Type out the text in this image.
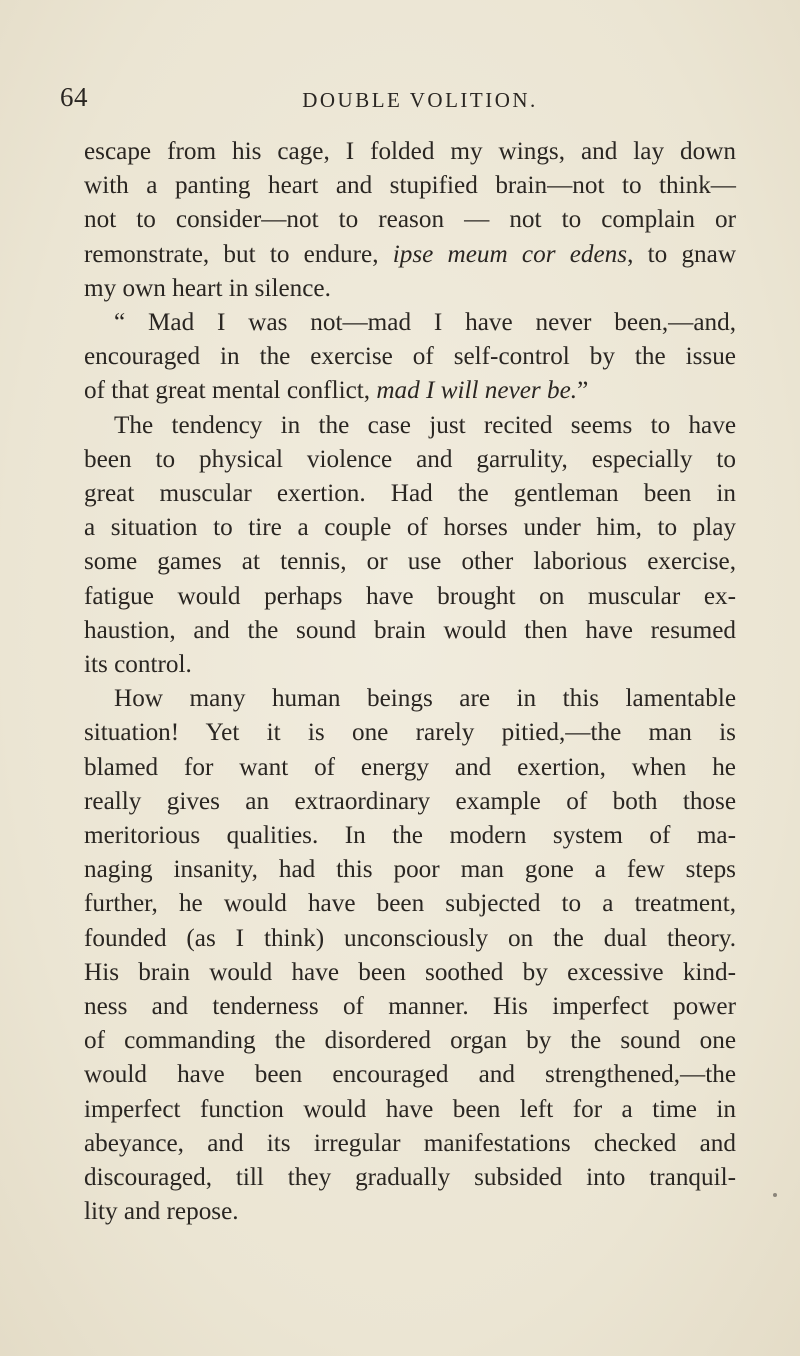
64	DOUBLE VOLITION.
escape from his cage, I folded my wings, and lay down
with a panting heart and stupified brain—not to think—
not to consider—not to reason — not to complain or
remonstrate, but to endure, ipse meum cor edens, to gnaw
my own heart in silence.
“ Mad I was not—mad I have never been,—and,
encouraged in the exercise of self-control by the issue
of that great mental conflict, mad I will never be.”
The tendency in the case just recited seems to have
been to physical violence and garrulity, especially to
great muscular exertion. Had the gentleman been in
a situation to tire a couple of horses under him, to play
some games at tennis, or use other laborious exercise,
fatigue would perhaps have brought on muscular ex-
haustion, and the sound brain would then have resumed
its control.
How many human beings are in this lamentable
situation! Yet it is one rarely pitied,—the man is
blamed for want of energy and exertion, when he
really gives an extraordinary example of both those
meritorious qualities. In the modern system of ma-
naging insanity, had this poor man gone a few steps
further, he would have been subjected to a treatment,
founded (as I think) unconsciously on the dual theory.
His brain would have been soothed by excessive kind-
ness and tenderness of manner. His imperfect power
of commanding the disordered organ by the sound one
would have been encouraged and strengthened,—the
imperfect function would have been left for a time in
abeyance, and its irregular manifestations checked and
discouraged, till they gradually subsided into tranquil-
lity and repose.
